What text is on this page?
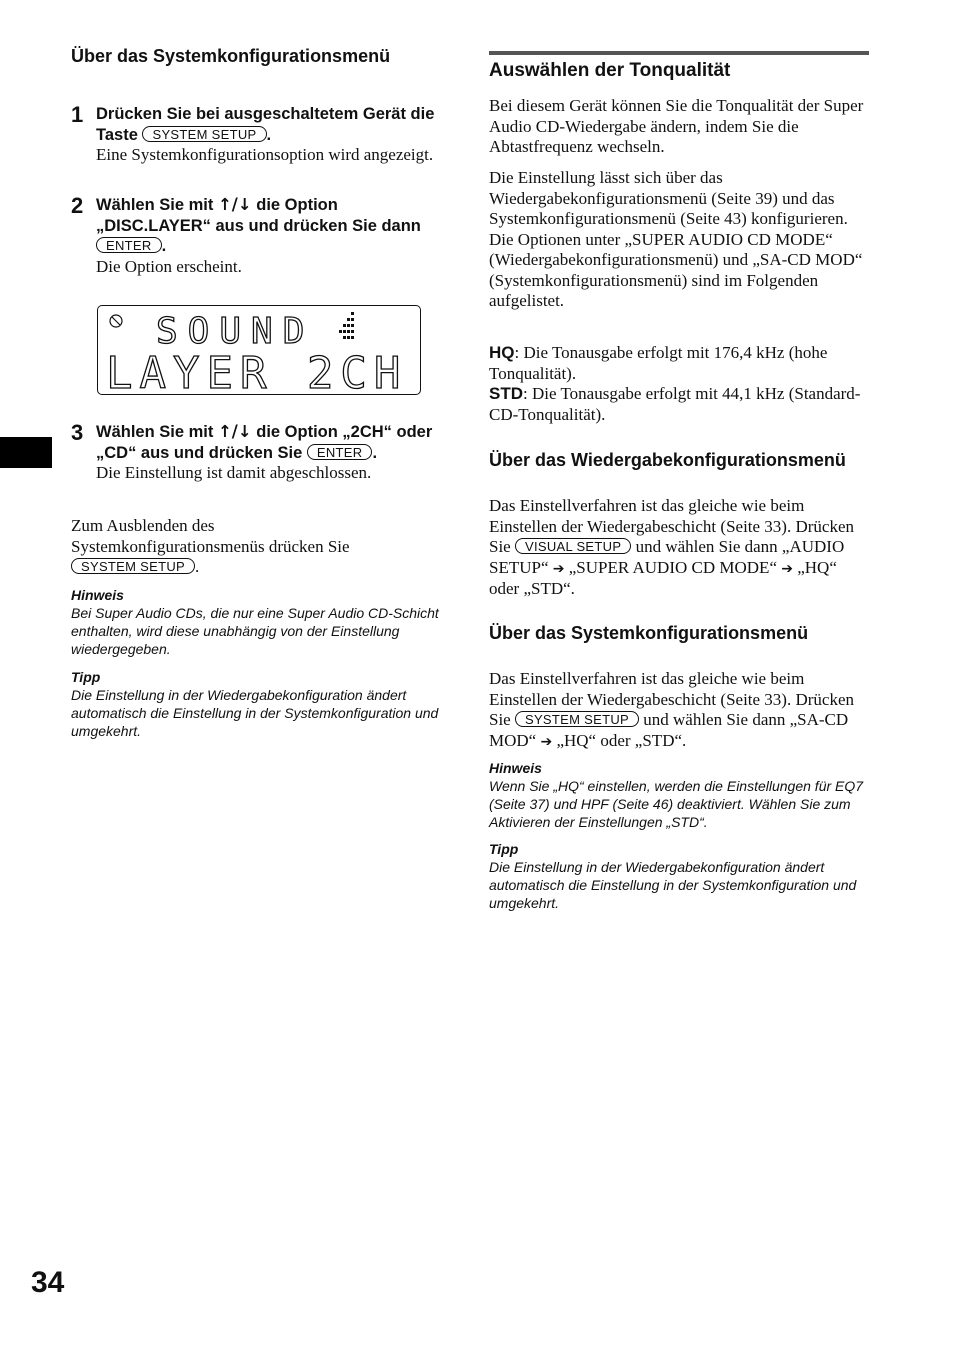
Über das Systemkonfigurationsmenü
1 Drücken Sie bei ausgeschaltetem Gerät die Taste SYSTEM SETUP .
Eine Systemkonfigurationsoption wird angezeigt.
2 Wählen Sie mit ↑/↓ die Option „DISC.LAYER“ aus und drücken Sie dann ENTER .
Die Option erscheint.
SOUND
LAYER 2CH
3 Wählen Sie mit ↑/↓ die Option „2CH“ oder „CD“ aus und drücken Sie ENTER .
Die Einstellung ist damit abgeschlossen.
Zum Ausblenden des Systemkonfigurationsmenüs drücken Sie SYSTEM SETUP .
Hinweis
Bei Super Audio CDs, die nur eine Super Audio CD-Schicht enthalten, wird diese unabhängig von der Einstellung wiedergegeben.
Tipp
Die Einstellung in der Wiedergabekonfiguration ändert automatisch die Einstellung in der Systemkonfiguration und umgekehrt.
Auswählen der Tonqualität
Bei diesem Gerät können Sie die Tonqualität der Super Audio CD-Wiedergabe ändern, indem Sie die Abtastfrequenz wechseln.

Die Einstellung lässt sich über das Wiedergabekonfigurationsmenü (Seite 39) und das Systemkonfigurationsmenü (Seite 43) konfigurieren.

Die Optionen unter „SUPER AUDIO CD MODE“ (Wiedergabekonfigurationsmenü) und „SA-CD MOD“ (Systemkonfigurationsmenü) sind im Folgenden aufgelistet.

HQ: Die Tonausgabe erfolgt mit 176,4 kHz (hohe Tonqualität).

STD: Die Tonausgabe erfolgt mit 44,1 kHz (Standard-CD-Tonqualität).

Über das Wiedergabekonfigurationsmenü
Das Einstellverfahren ist das gleiche wie beim Einstellen der Wiedergabeschicht (Seite 33). Drücken Sie VISUAL SETUP und wählen Sie dann „AUDIO SETUP“ ➔ „SUPER AUDIO CD MODE“ ➔ „HQ“ oder „STD“.
Über das Systemkonfigurationsmenü
Das Einstellverfahren ist das gleiche wie beim Einstellen der Wiedergabeschicht (Seite 33). Drücken Sie SYSTEM SETUP und wählen Sie dann „SA-CD MOD“ ➔ „HQ“ oder „STD“.
Hinweis
Wenn Sie „HQ“ einstellen, werden die Einstellungen für EQ7 (Seite 37) und HPF (Seite 46) deaktiviert. Wählen Sie zum Aktivieren der Einstellungen „STD“.
Tipp
Die Einstellung in der Wiedergabekonfiguration ändert automatisch die Einstellung in der Systemkonfiguration und umgekehrt.
34
